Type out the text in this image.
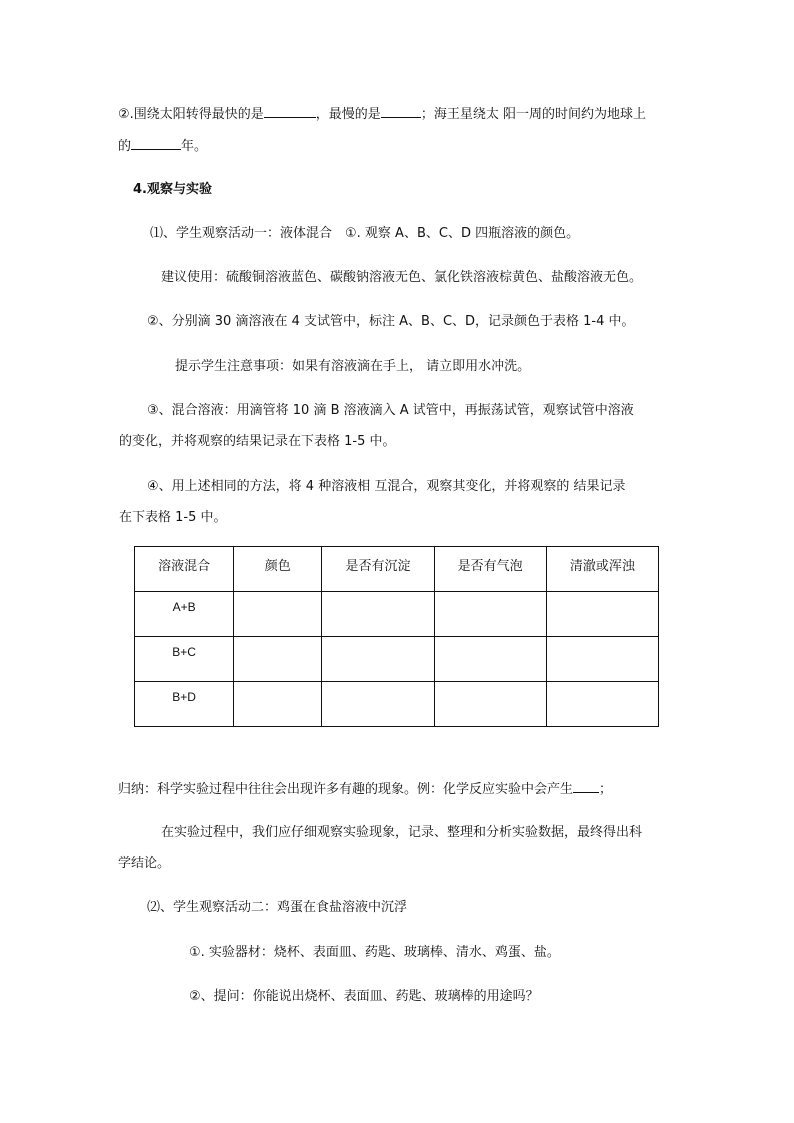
②.围绕太阳转得最快的是	，最慢的是	；海王星绕太 阳一周的时间约为地球上
的	年。
4.观察与实验
⑴、学生观察活动一：液体混合　①. 观察 A、B、C、D 四瓶溶液的颜色。
建议使用：硫酸铜溶液蓝色、碳酸钠溶液无色、氯化铁溶液棕黄色、盐酸溶液无色。
②、分别滴 30 滴溶液在 4 支试管中，标注 A、B、C、D，记录颜色于表格 1-4 中。
提示学生注意事项：如果有溶液滴在手上， 请立即用水冲洗。
③、混合溶液：用滴管将 10 滴 B 溶液滴入 A 试管中，再振荡试管，观察试管中溶液
的变化，并将观察的结果记录在下表格 1-5 中。
④、用上述相同的方法，将 4 种溶液相 互混合，观察其变化，并将观察的 结果记录
在下表格 1-5 中。
溶液混合	颜色	是否有沉淀	是否有气泡	清澈或浑浊
A+B				
B+C				
B+D				
归纳：科学实验过程中往往会出现许多有趣的现象。例：化学反应实验中会产生 ；
在实验过程中，我们应仔细观察实验现象，记录、整理和分析实验数据，最终得出科
学结论。
⑵、学生观察活动二：鸡蛋在食盐溶液中沉浮
①. 实验器材：烧杯、表面皿、药匙、玻璃棒、清水、鸡蛋、盐。
②、提问：你能说出烧杯、表面皿、药匙、玻璃棒的用途吗？
